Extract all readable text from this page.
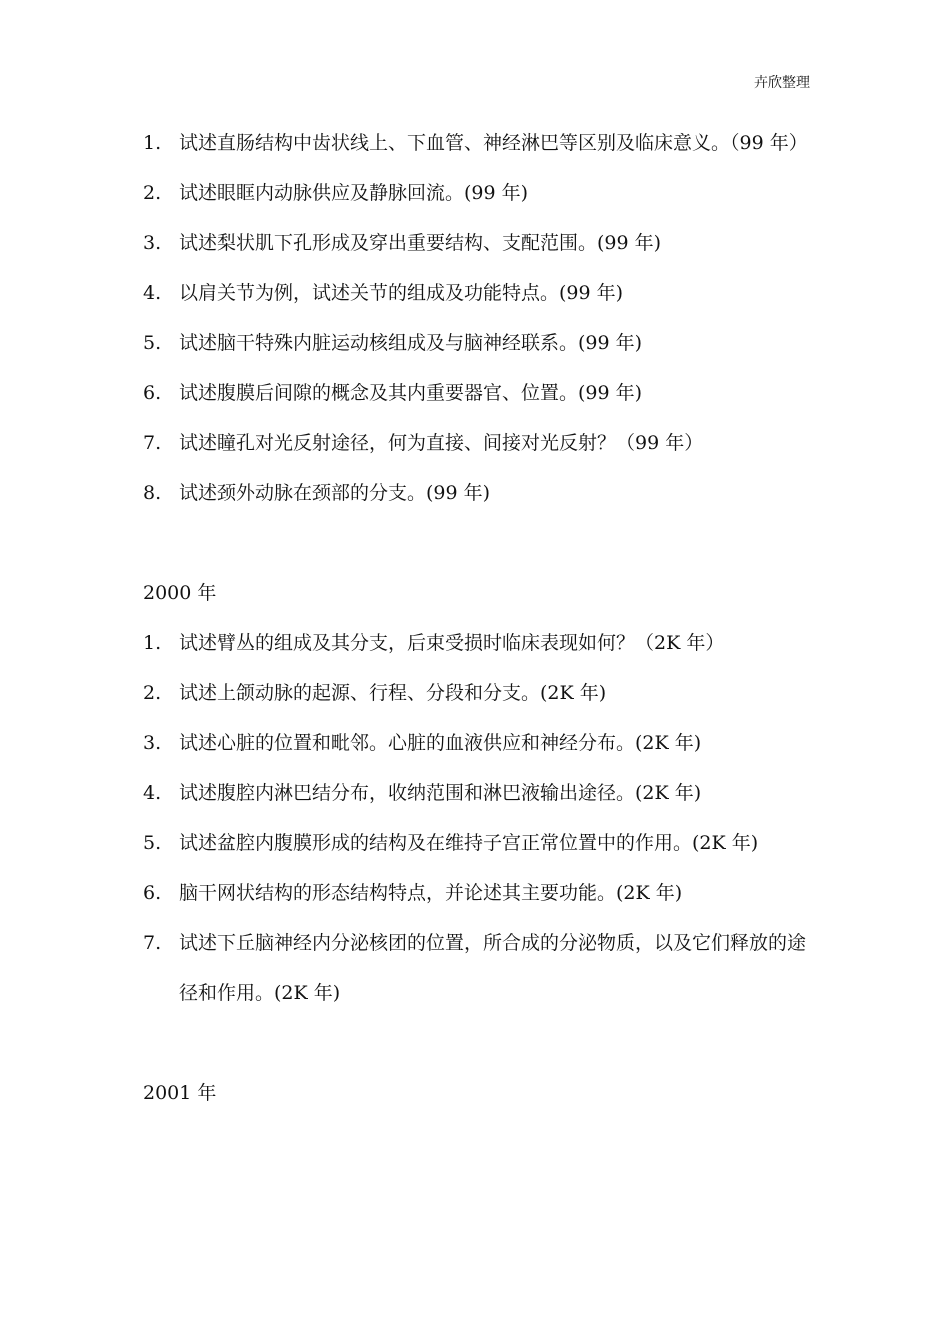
卉欣整理
1. 试述直肠结构中齿状线上、下血管、神经淋巴等区别及临床意义。（99 年）
2. 试述眼眶内动脉供应及静脉回流。(99 年)
3. 试述梨状肌下孔形成及穿出重要结构、支配范围。(99 年)
4. 以肩关节为例，试述关节的组成及功能特点。(99 年)
5. 试述脑干特殊内脏运动核组成及与脑神经联系。(99 年)
6. 试述腹膜后间隙的概念及其内重要器官、位置。(99 年)
7. 试述瞳孔对光反射途径，何为直接、间接对光反射？（99 年）
8. 试述颈外动脉在颈部的分支。(99 年)
2000 年
1. 试述臂丛的组成及其分支，后束受损时临床表现如何？（2K 年）
2. 试述上颌动脉的起源、行程、分段和分支。(2K 年)
3. 试述心脏的位置和毗邻。心脏的血液供应和神经分布。(2K 年)
4. 试述腹腔内淋巴结分布，收纳范围和淋巴液输出途径。(2K 年)
5. 试述盆腔内腹膜形成的结构及在维持子宫正常位置中的作用。(2K 年)
6. 脑干网状结构的形态结构特点，并论述其主要功能。(2K 年)
7. 试述下丘脑神经内分泌核团的位置，所合成的分泌物质，以及它们释放的途径和作用。(2K 年)
2001 年
